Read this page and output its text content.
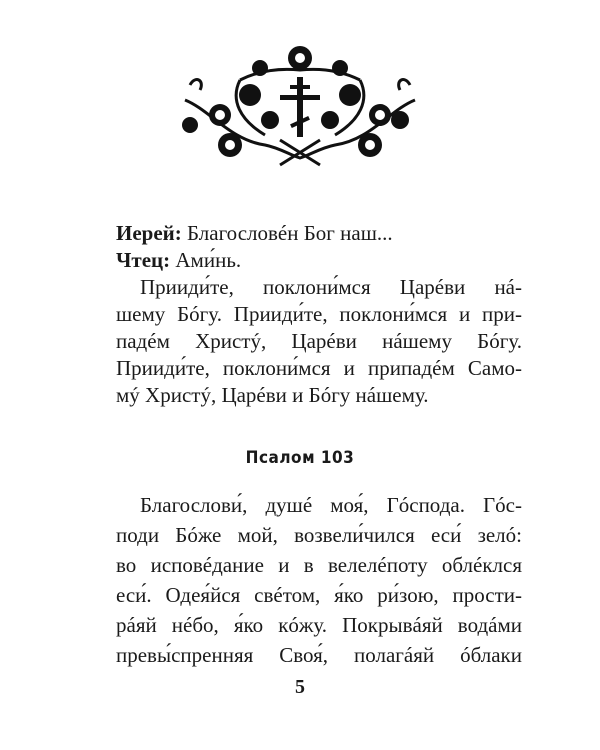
Иерей: Благословéн Бог наш...
Чтец: Ами́нь.
Прииди́те, поклони́мся Царéви нá-
шему Бóгу. Прииди́те, поклони́мся и при-
падéм Христý, Царéви нáшему Бóгу.
Прииди́те, поклони́мся и припадéм Само-
мý Христý, Царéви и Бóгу нáшему.
Псалом 103
Благослови́, душé моя́, Гóспода. Гóс-
поди Бóже мой, возвели́чился еси́ зелó:
во исповéдание и в велелéпоту облéклся
еси́. Одея́йся свéтом, я́ко ри́зою, прости-
рáяй нéбо, я́ко кóжу. Покрывáяй водáми
превы́спренняя Своя́, полагáяй óблаки
5
